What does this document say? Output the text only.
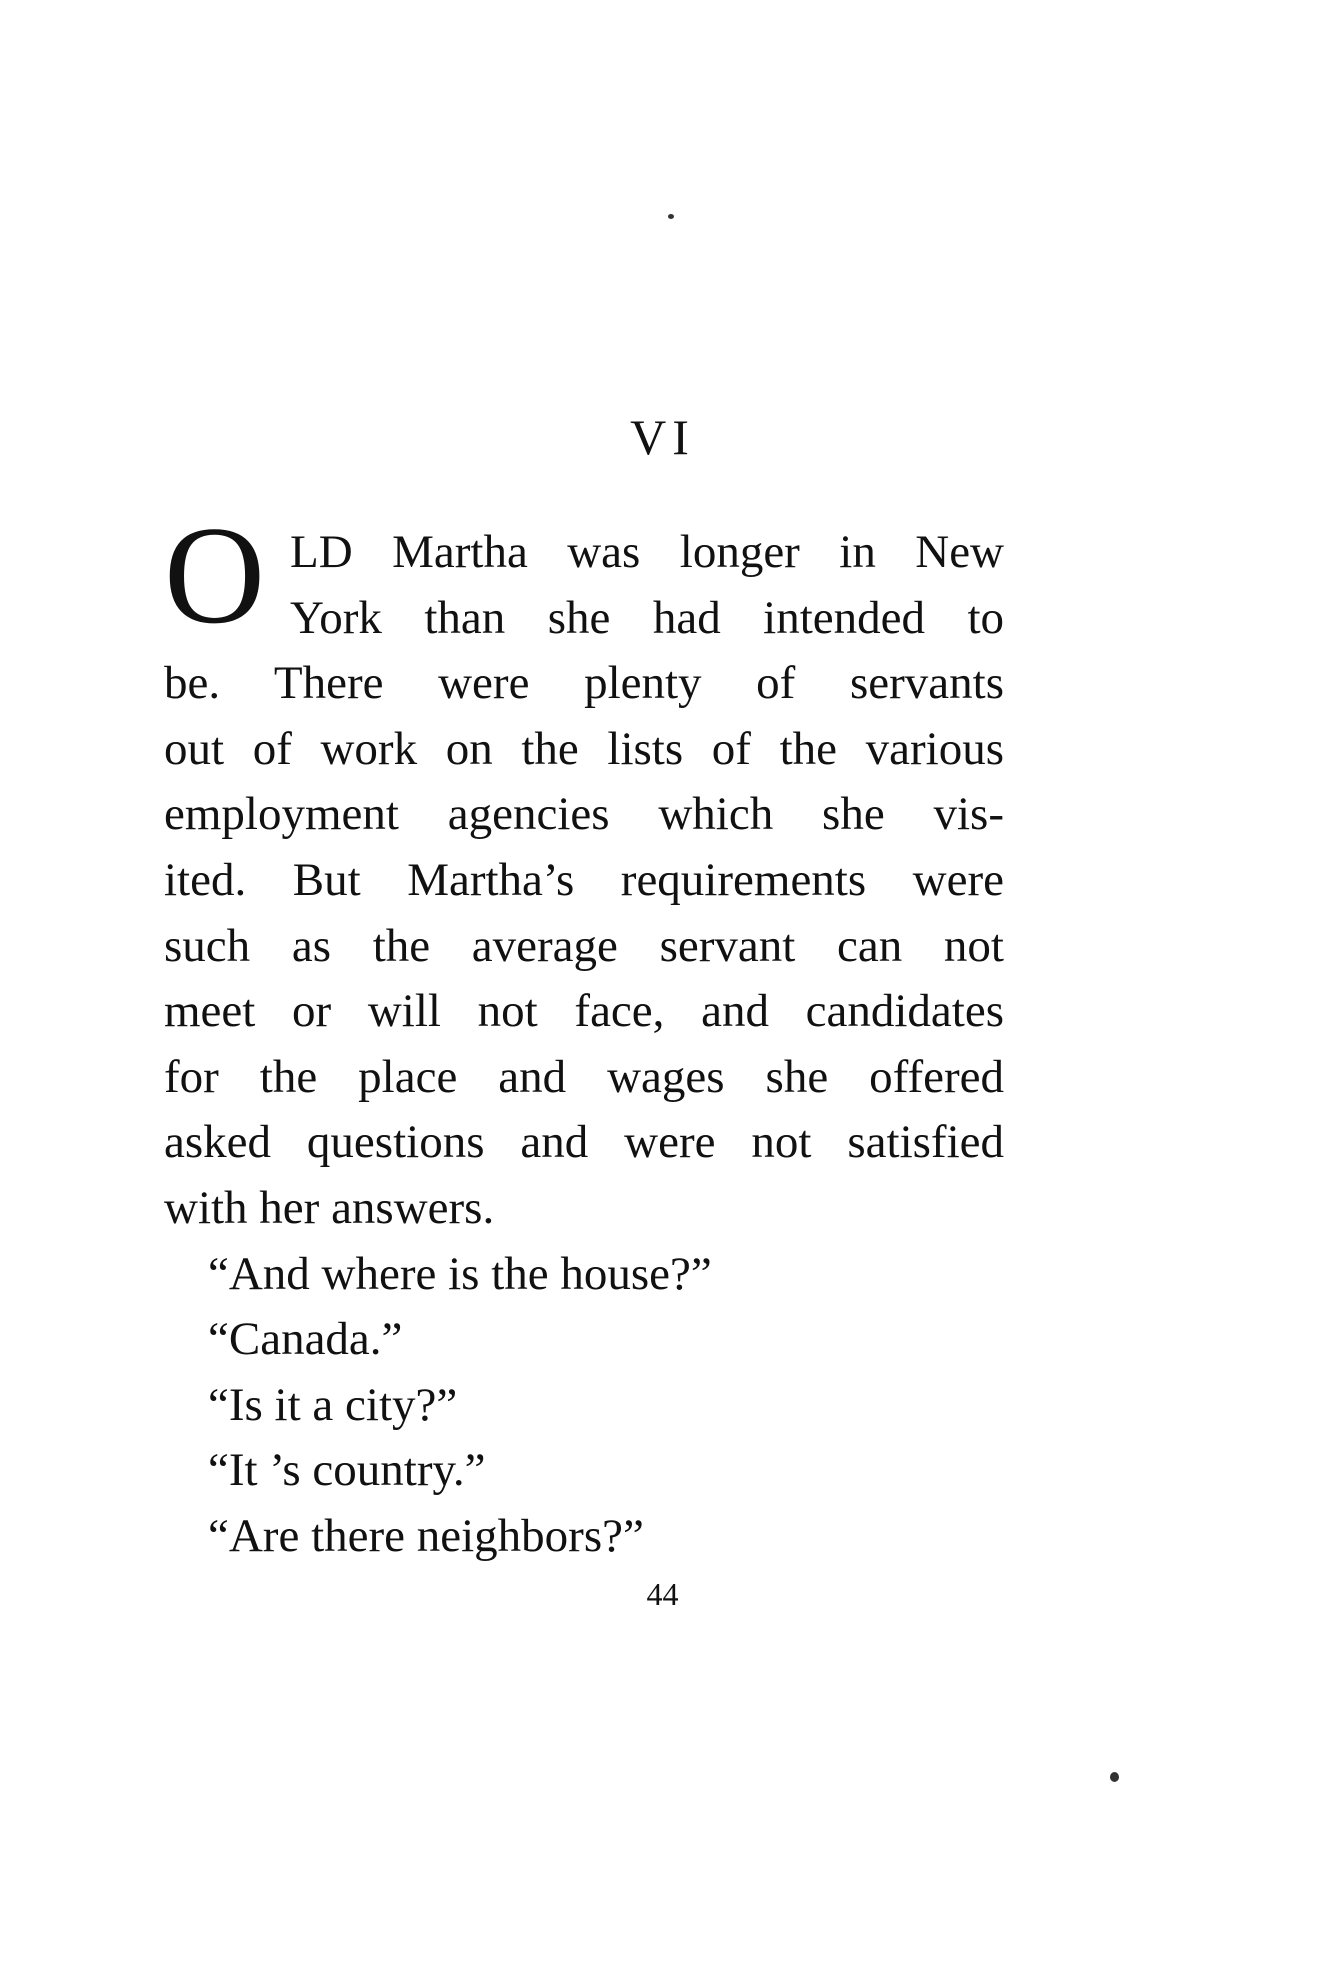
VI
O LD Martha was longer in New
York than she had intended to
be. There were plenty of servants
out of work on the lists of the various
employment agencies which she vis-
ited. But Martha’s requirements were
such as the average servant can not
meet or will not face, and candidates
for the place and wages she offered
asked questions and were not satisfied
with her answers.
“And where is the house?”
“Canada.”
“Is it a city?”
“It ’s country.”
“Are there neighbors?”
44
